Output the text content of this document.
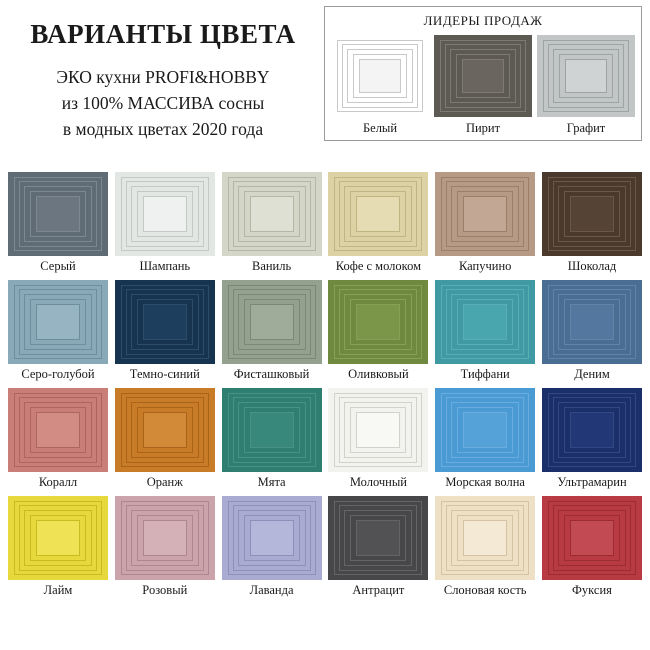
ВАРИАНТЫ ЦВЕТА
ЭКО кухни PROFI&HOBBY
из 100% МАССИВА сосны
в модных цветах 2020 года
ЛИДЕРЫ ПРОДАЖ
Белый	Пирит	Графит
Серый	Шампань	Ваниль	Кофе с молоком	Капучино	Шоколад
Серо-голубой	Темно-синий	Фисташковый	Оливковый	Тиффани	Деним
Коралл	Оранж	Мята	Молочный	Морская волна	Ультрамарин
Лайм	Розовый	Лаванда	Антрацит	Слоновая кость	Фуксия
